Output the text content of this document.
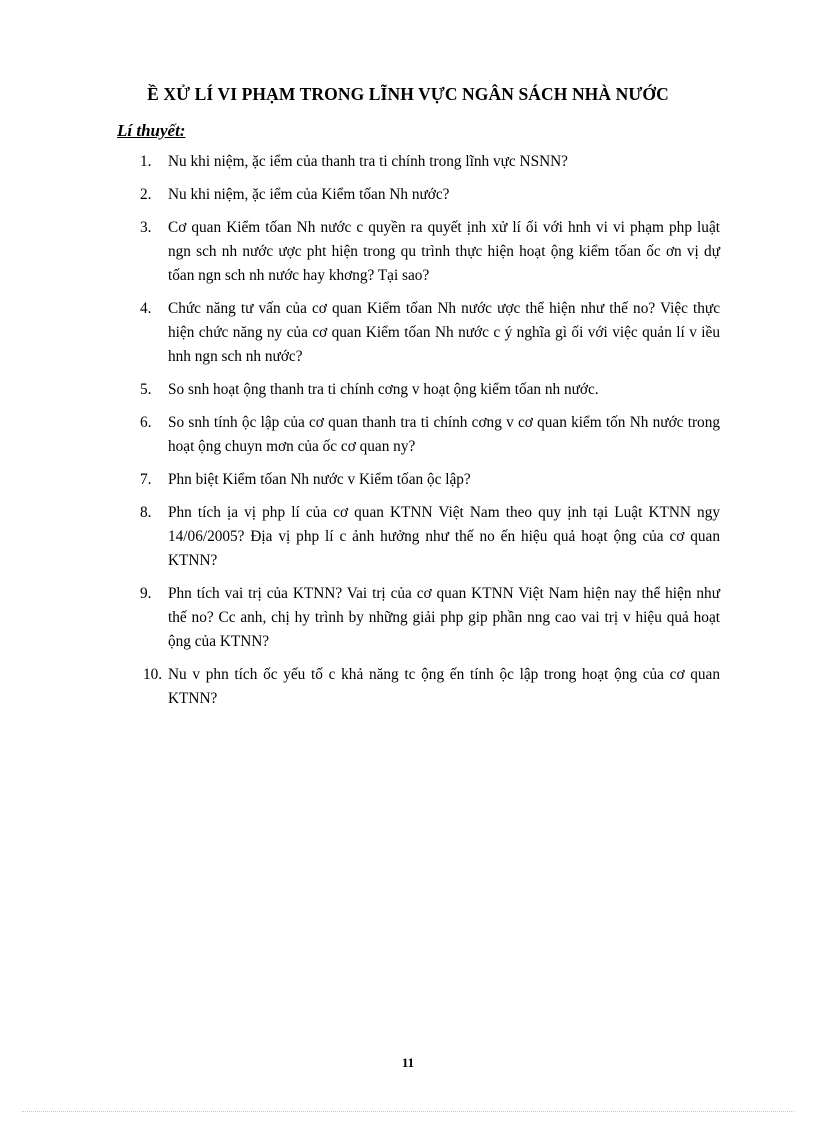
Ề XỬ LÍ VI PHẠM TRONG LĨNH VỰC NGÂN SÁCH NHÀ NƯỚC
Lí thuyết:
1.	Nu khi niệm, ặc iểm của thanh tra ti chính trong lĩnh vực NSNN?
2.	Nu khi niệm, ặc iểm của Kiểm tốan Nh nước?
3.	Cơ quan Kiểm tốan Nh nước c quyền ra quyết ịnh xử lí ối với hnh vi vi phạm php luật ngn sch nh nước ược pht hiện trong qu trình thực hiện hoạt ộng kiểm tốan ốc ơn vị dự tốan ngn sch nh nước hay khơng? Tại sao?
4.	Chức năng tư vấn của cơ quan Kiểm tốan Nh nước ược thể hiện như thế no? Việc thực hiện chức năng ny của cơ quan Kiểm tốan Nh nước c ý nghĩa gì ối với việc quản lí v iều hnh ngn sch nh nước?
5.	So snh hoạt ộng thanh tra ti chính cơng v hoạt ộng kiểm tốan nh nước.
6.	So snh tính ộc lập của cơ quan thanh tra ti chính cơng v cơ quan kiểm tốn Nh nước trong hoạt ộng chuyn mơn của ốc cơ quan ny?
7.	Phn biệt Kiểm tốan Nh nước v Kiểm tốan ộc lập?
8.	Phn tích ịa vị php lí của cơ quan KTNN Việt Nam theo quy ịnh tại Luật KTNN ngy 14/06/2005? Địa vị php lí c ảnh hưởng như thế no ến hiệu quả hoạt ộng của cơ quan KTNN?
9.	Phn tích vai trị của KTNN? Vai trị của cơ quan KTNN Việt Nam hiện nay thể hiện như thế no? Cc anh, chị hy trình by những giải php gip phần nng cao vai trị v hiệu quả hoạt ộng của KTNN?
10. Nu v phn tích ốc yếu tố c khả năng tc ộng ến tính ộc lập trong hoạt ộng của cơ quan KTNN?
11
